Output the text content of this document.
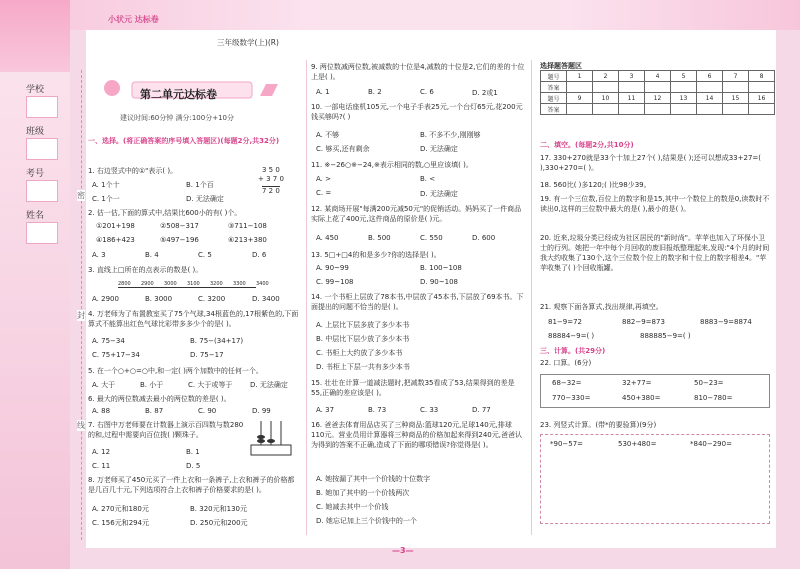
学校
班级
考号
姓名
密
封
线
小状元 达标卷
三年级数学(上)(R)
第二单元达标卷
建议时间:60分钟 满分:100分+10分
一、选择。(将正确答案的序号填入答题区)(每题2分,共32分)
1. 右边竖式中的①"表示( )。
A. 1个十	B. 1个百
C. 1个一	D. 无法确定
3 5 0
+ 3 7 0
7 2 0
2. 估一估,下面的算式中,结果比600小的有( )个。
①201+198	②508−317	③711−108
④186+423	⑤497−196	⑥213+380
A. 3	B. 4	C. 5	D. 6
3. 直线上□所在的点表示的数是( )。
2800 2900 3000 3100 3200 3300 3400
A. 2900	B. 3000	C. 3200	D. 3400
4. 万老师为了布置教室买了75个气球,34根蓝色的,17根紫色的,下面算式不能算出红色气球比彩带多多少个的是( )。
A. 75−34	B. 75−(34+17)
C. 75+17−34	D. 75−17
5. 在一个○+○=○中,和一定( )两个加数中的任何一个。
A. 大于	B. 小于	C. 大于或等于	D. 无法确定
6. 最大的两位数减去最小的两位数的差是( )。
A. 88	B. 87	C. 90	D. 99
7. 右图中万老师要在计数器上演示百四数与数280的和,过程中需要向百位拨( )颗珠子。
A. 12	B. 1
C. 11	D. 5
8. 万老师买了450元买了一件上衣和一条裤子,上衣和裤子的价格都是几百几十元,下列选项符合上衣和裤子价格要求的是( )。
A. 270元和180元	B. 320元和130元
C. 156元和294元	D. 250元和200元
9. 两位数减两位数,被减数的十位是4,减数的十位是2,它们的差的十位上是( )。
A. 1	B. 2	C. 6	D. 2或1
10. 一部电话座机105元,一个电子手表25元,一个台灯65元,花200元钱买够吗?( )
A. 不够	B. 不多不少,刚刚够
C. 够买,还有剩余	D. 无法确定
11. ※−26○※−24,※表示相同的数,○里应该填( )。
A. >	B. <
C. =	D. 无法确定
12. 某商场开展"每满200元减50元"的促销活动。妈妈买了一件商品实际上花了400元,这件商品的原价是( )元。
A. 450	B. 500	C. 550	D. 600
13. 5□+□4的和是多少?你的选择是( )。
A. 90~99	B. 100~108
C. 99~108	D. 90~108
14. 一个书柜上层放了78本书,中层放了45本书,下层放了69本书。下面提出的问题不恰当的是( )。
A. 上层比下层多放了多少本书
B. 中层比下层少放了多少本书
C. 书柜上大约放了多少本书
D. 书柜上下层一共有多少本书
15. 壮壮在计算一道减法题时,把减数35看成了53,结果得到的差是55,正确的差应该是( )。
A. 37	B. 73	C. 33	D. 77
16. 爸爸去体育用品店买了三种商品:篮球120元,足球140元,排球110元。营业员用计算器将三种商品的价格加起来得到240元,爸爸认为得到的答案不正确,造成了下面的哪项错误?你觉得是( )。
A. 她按漏了其中一个价钱的十位数字
B. 她加了其中的一个价钱两次
C. 她减去其中一个价钱
D. 她忘记加上三个价钱中的一个
选择题答题区
题号	1	2	3	4	5	6	7	8
答案								
题号	9	10	11	12	13	14	15	16
答案								
二、填空。(每题2分,共10分)
17. 330+270就是33个十加上27个( ),结果是( );还可以想成33+27=( ),330+270=( )。
18. 560比( )多120;( )比98少39。
19. 有一个三位数,百位上的数字和是15,其中一个数位上的数是0,读数时不读出0,这样的三位数中最大的是( ),最小的是( )。
20. 近来,垃圾分类已经成为社区居民的"新时尚"。苹苹也加入了环保小卫士的行列。她把一年中每个月回收的废旧报纸整理起来,发现:"4个月的时间我大约收集了130个,这个三位数个位上的数字和十位上的数字相差4。"苹苹收集了( )个回收瓶罐。
21. 观察下面各算式,找出规律,再填空。
81−9=72	882−9=873	8883−9=8874
88884−9=( )	888885−9=( )
三、计算。(共29分)
22. 口算。(6分)
68−32=	32+77=	50−23=
770−330=	450+380=	810−780=
23. 列竖式计算。(带*的要验算)(9分)
*90−57=	530+480=	*840−290=
—3—
